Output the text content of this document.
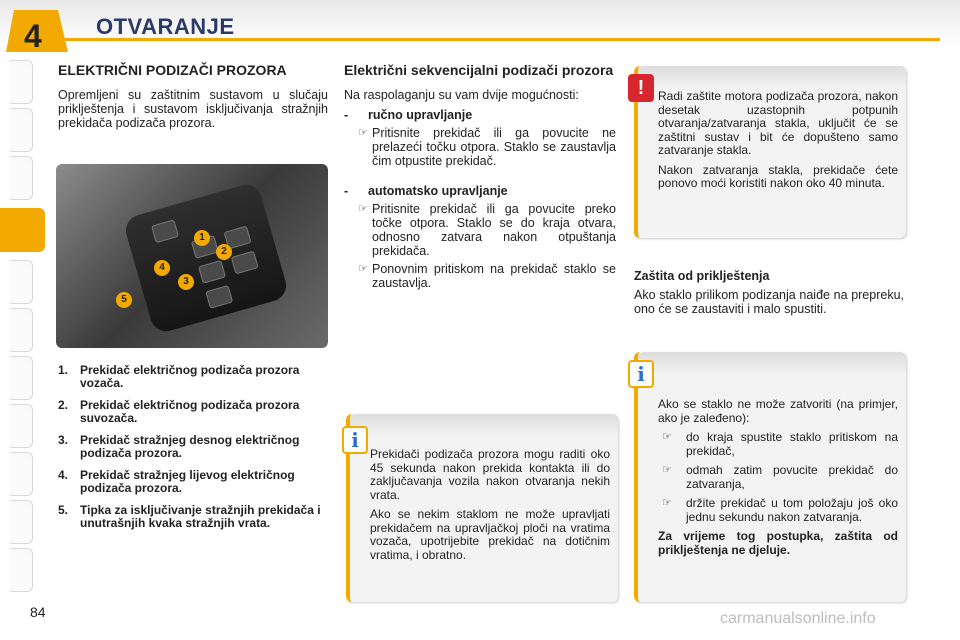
4 OTVARANJE
ELEKTRIČNI PODIZAČI PROZORA

Opremljeni su zaštitnim sustavom u slučaju priklještenja i sustavom isključivanja stražnjih prekidača podizača prozora.

1
2
3
4
5
1. Prekidač električnog podizača prozora vozača.
2. Prekidač električnog podizača prozora suvozača.
3. Prekidač stražnjeg desnog električnog podizača prozora.
4. Prekidač stražnjeg lijevog električnog podizača prozora.
5. Tipka za isključivanje stražnjih prekidača i unutrašnjih kvaka stražnjih vrata.
Električni sekvencijalni podizači prozora

Na raspolaganju su vam dvije mogućnosti:

- ručno upravljanje
☞ Pritisnite prekidač ili ga povucite ne prelazeći točku otpora. Staklo se zaustavlja čim otpustite prekidač.

- automatsko upravljanje
☞ Pritisnite prekidač ili ga povucite preko točke otpora. Staklo se do kraja otvara, odnosno zatvara nakon otpuštanja prekidača.

☞ Ponovnim pritiskom na prekidač staklo se zaustavlja.

Prekidači podizača prozora mogu raditi oko 45 sekunda nakon prekida kontakta ili do zaključavanja vozila nakon otvaranja nekih vrata.

Ako se nekim staklom ne može upravljati prekidačem na upravljačkoj ploči na vratima vozača, upotrijebite prekidač na dotičnim vratima, i obratno.

i

Radi zaštite motora podizača prozora, nakon desetak uzastopnih potpunih otvaranja/zatvaranja stakla, uključit će se zaštitni sustav i bit će dopušteno samo zatvaranje stakla.

Nakon zatvaranja stakla, prekidače ćete ponovo moći koristiti nakon oko 40 minuta.

!
Zaštita od priklještenja

Ako staklo prilikom podizanja naiđe na prepreku, ono će se zaustaviti i malo spustiti.

Ako se staklo ne može zatvoriti (na primjer, ako je zaleđeno):

☞ do kraja spustite staklo pritiskom na prekidač,

☞ odmah zatim povucite prekidač do zatvaranja,

☞ držite prekidač u tom položaju još oko jednu sekundu nakon zatvaranja.

Za vrijeme tog postupka, zaštita od priklještenja ne djeluje.

i
84	carmanualsonline.info
